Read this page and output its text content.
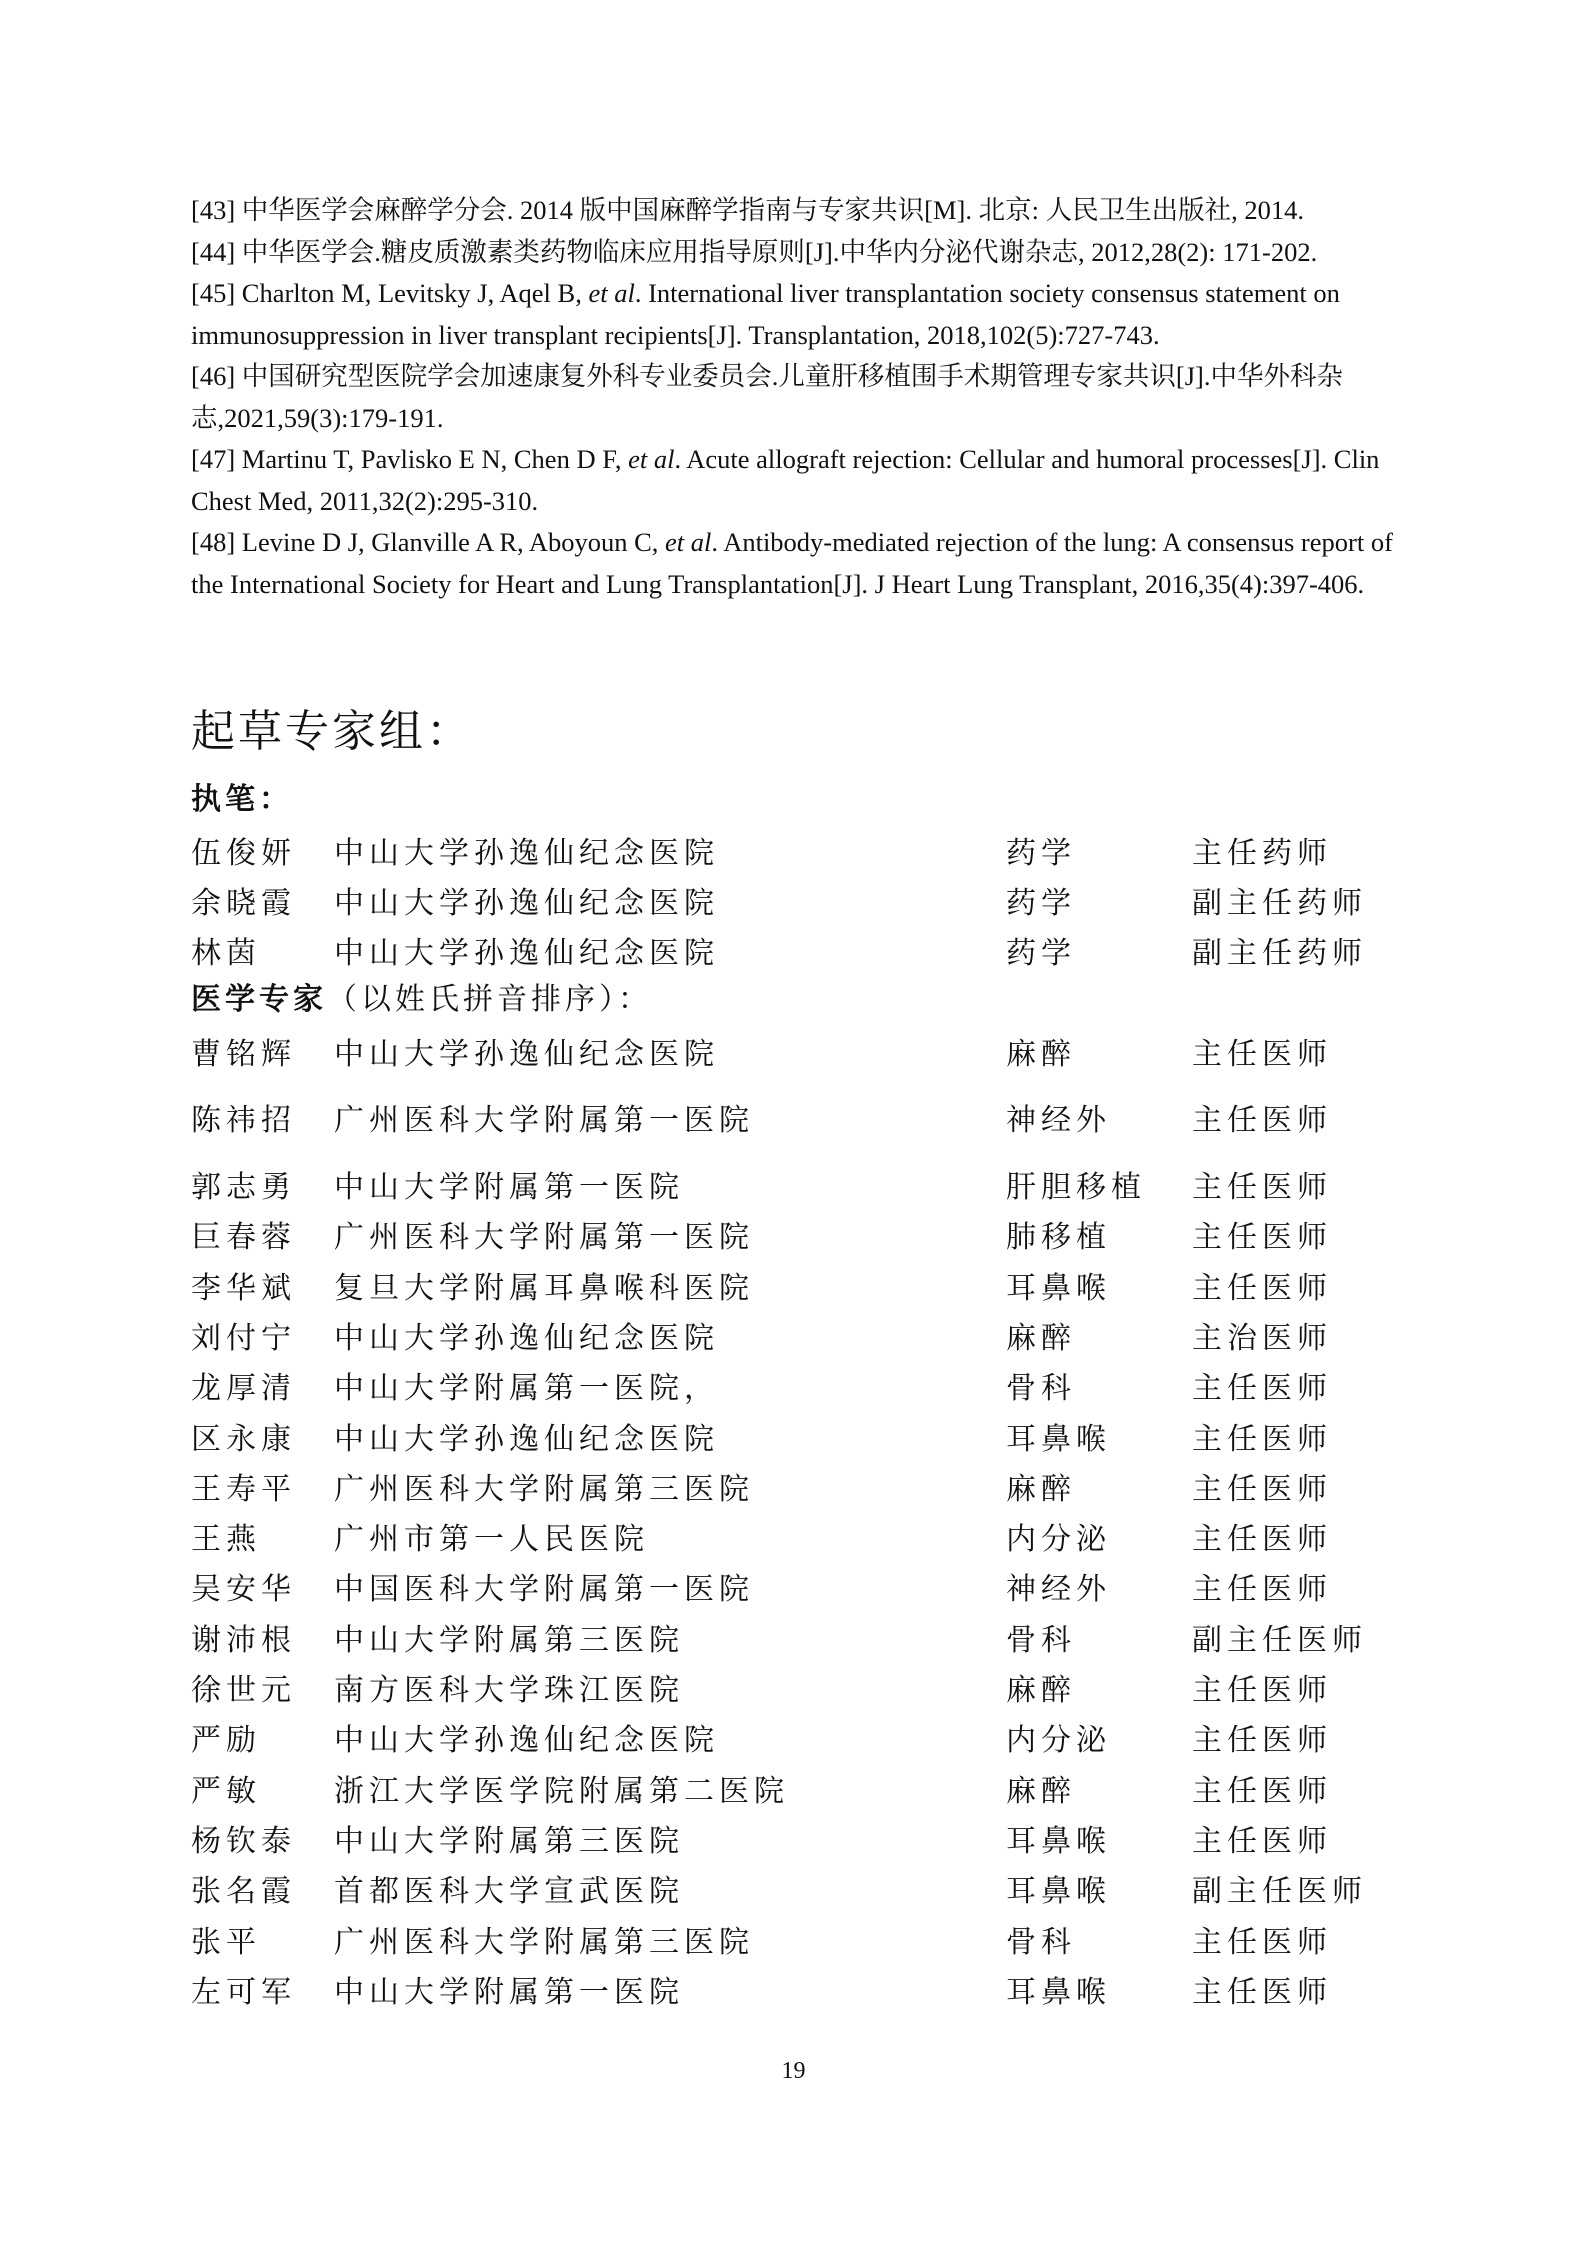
[43] 中华医学会麻醉学分会. 2014 版中国麻醉学指南与专家共识[M]. 北京: 人民卫生出版社, 2014.

[44] 中华医学会.糖皮质激素类药物临床应用指导原则[J].中华内分泌代谢杂志, 2012,28(2): 171-202.

[45] Charlton M, Levitsky J, Aqel B, et al. International liver transplantation society consensus statement on immunosuppression in liver transplant recipients[J]. Transplantation, 2018,102(5):727-743.

[46] 中国研究型医院学会加速康复外科专业委员会.儿童肝移植围手术期管理专家共识[J].中华外科杂志,2021,59(3):179-191.

[47] Martinu T, Pavlisko E N, Chen D F, et al. Acute allograft rejection: Cellular and humoral processes[J]. Clin Chest Med, 2011,32(2):295-310.

[48] Levine D J, Glanville A R, Aboyoun C, et al. Antibody-mediated rejection of the lung: A consensus report of the International Society for Heart and Lung Transplantation[J]. J Heart Lung Transplant, 2016,35(4):397-406.

起草专家组：
执笔：
伍俊妍 中山大学孙逸仙纪念医院	药学	主任药师
余晓霞 中山大学孙逸仙纪念医院	药学	副主任药师
林茵 中山大学孙逸仙纪念医院	药学	副主任药师
医学专家（以姓氏拼音排序）：
曹铭辉 中山大学孙逸仙纪念医院	麻醉	主任医师
陈祎招 广州医科大学附属第一医院	神经外	主任医师
郭志勇 中山大学附属第一医院	肝胆移植 主任医师
巨春蓉 广州医科大学附属第一医院	肺移植	主任医师
李华斌 复旦大学附属耳鼻喉科医院	耳鼻喉	主任医师
刘付宁 中山大学孙逸仙纪念医院	麻醉	主治医师
龙厚清 中山大学附属第一医院，	骨科	主任医师
区永康 中山大学孙逸仙纪念医院	耳鼻喉	主任医师
王寿平 广州医科大学附属第三医院	麻醉	主任医师
王燕 广州市第一人民医院	内分泌	主任医师
吴安华 中国医科大学附属第一医院	神经外	主任医师
谢沛根 中山大学附属第三医院	骨科	副主任医师
徐世元 南方医科大学珠江医院	麻醉	主任医师
严励 中山大学孙逸仙纪念医院	内分泌	主任医师
严敏 浙江大学医学院附属第二医院	麻醉	主任医师
杨钦泰 中山大学附属第三医院	耳鼻喉	主任医师
张名霞 首都医科大学宣武医院	耳鼻喉	副主任医师
张平 广州医科大学附属第三医院	骨科	主任医师
左可军 中山大学附属第一医院	耳鼻喉	主任医师
19
